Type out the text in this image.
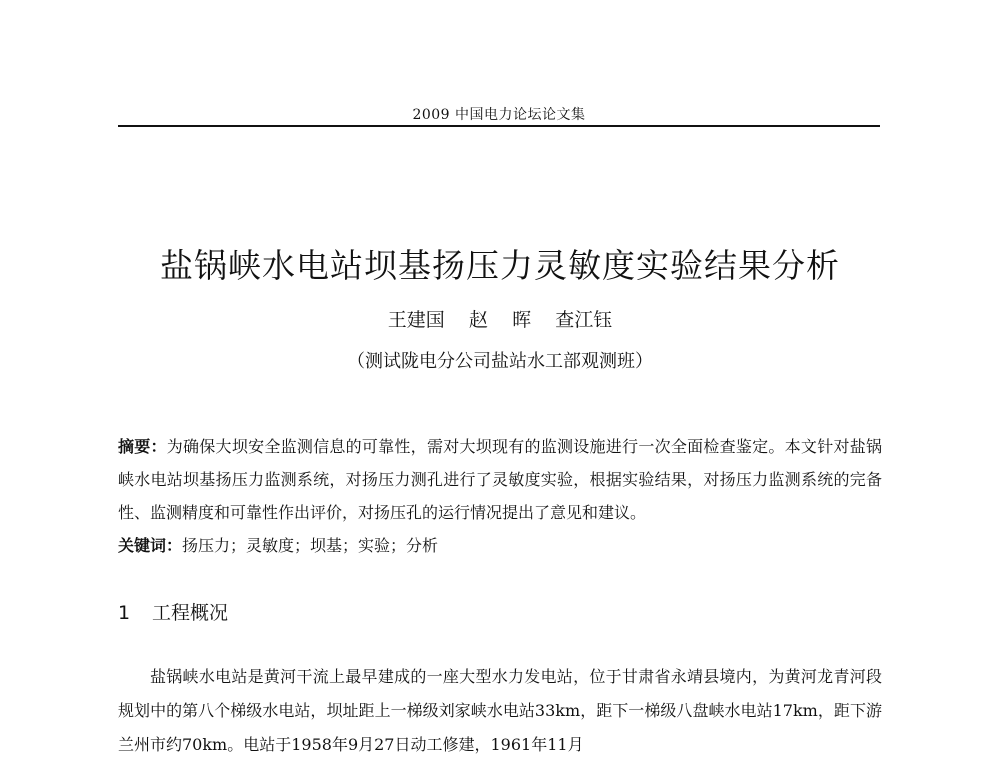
2009 中国电力论坛论文集
盐锅峡水电站坝基扬压力灵敏度实验结果分析
王建国    赵    晖    查江钰
（测试陇电分公司盐站水工部观测班）
摘要：为确保大坝安全监测信息的可靠性，需对大坝现有的监测设施进行一次全面检查鉴定。本文针对盐锅峡水电站坝基扬压力监测系统，对扬压力测孔进行了灵敏度实验，根据实验结果，对扬压力监测系统的完备性、监测精度和可靠性作出评价，对扬压孔的运行情况提出了意见和建议。
关键词：扬压力；灵敏度；坝基；实验；分析
1 工程概况
盐锅峡水电站是黄河干流上最早建成的一座大型水力发电站，位于甘肃省永靖县境内，为黄河龙青河段规划中的第八个梯级水电站，坝址距上一梯级刘家峡水电站33km，距下一梯级八盘峡水电站17km，距下游兰州市约70km。电站于1958年9月27日动工修建，1961年11月
